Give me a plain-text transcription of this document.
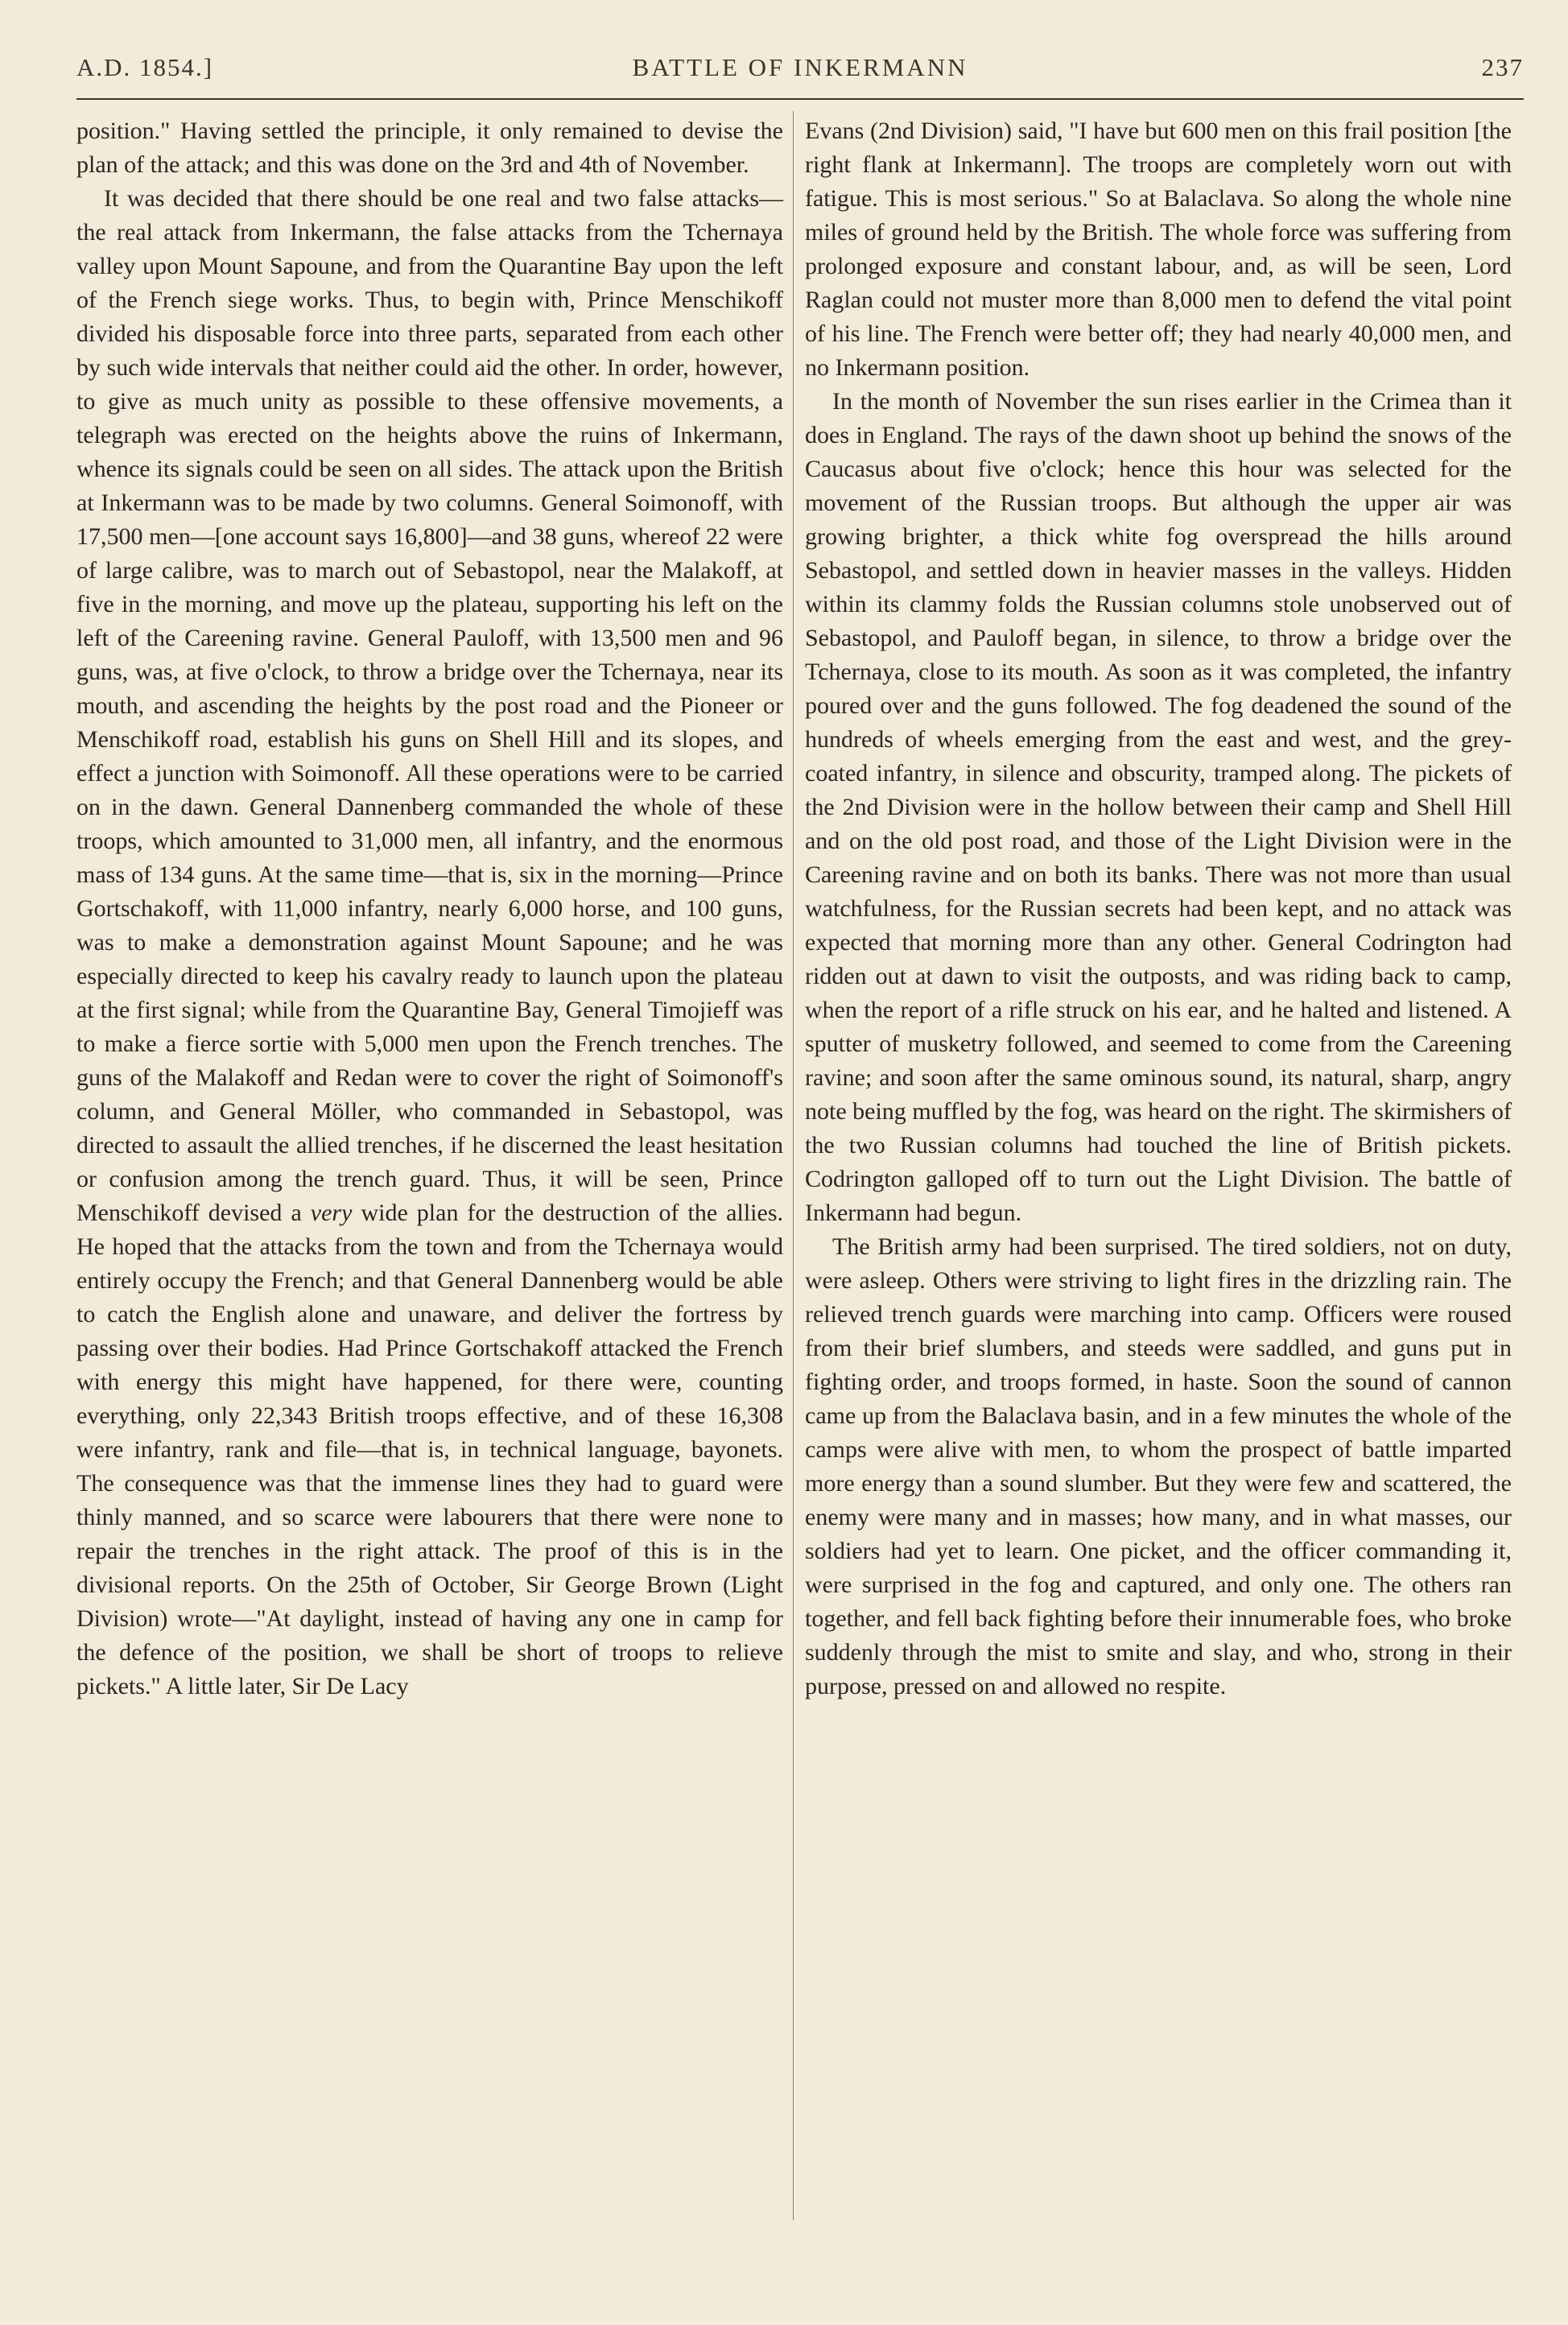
A.D. 1854.]	BATTLE OF INKERMANN	237

position." Having settled the principle, it only remained to devise the plan of the attack; and this was done on the 3rd and 4th of November.

It was decided that there should be one real and two false attacks—the real attack from Inkermann, the false attacks from the Tchernaya valley upon Mount Sapoune, and from the Quarantine Bay upon the left of the French siege works. Thus, to begin with, Prince Menschikoff divided his disposable force into three parts, separated from each other by such wide intervals that neither could aid the other. In order, however, to give as much unity as possible to these offensive movements, a telegraph was erected on the heights above the ruins of Inkermann, whence its signals could be seen on all sides. The attack upon the British at Inkermann was to be made by two columns. General Soimonoff, with 17,500 men—[one account says 16,800]—and 38 guns, whereof 22 were of large calibre, was to march out of Sebastopol, near the Malakoff, at five in the morning, and move up the plateau, supporting his left on the left of the Careening ravine. General Pauloff, with 13,500 men and 96 guns, was, at five o'clock, to throw a bridge over the Tchernaya, near its mouth, and ascending the heights by the post road and the Pioneer or Menschikoff road, establish his guns on Shell Hill and its slopes, and effect a junction with Soimonoff. All these operations were to be carried on in the dawn. General Dannenberg commanded the whole of these troops, which amounted to 31,000 men, all infantry, and the enormous mass of 134 guns. At the same time—that is, six in the morning—Prince Gortschakoff, with 11,000 infantry, nearly 6,000 horse, and 100 guns, was to make a demonstration against Mount Sapoune; and he was especially directed to keep his cavalry ready to launch upon the plateau at the first signal; while from the Quarantine Bay, General Timojieff was to make a fierce sortie with 5,000 men upon the French trenches. The guns of the Malakoff and Redan were to cover the right of Soimonoff's column, and General Möller, who commanded in Sebastopol, was directed to assault the allied trenches, if he discerned the least hesitation or confusion among the trench guard. Thus, it will be seen, Prince Menschikoff devised a very wide plan for the destruction of the allies. He hoped that the attacks from the town and from the Tchernaya would entirely occupy the French; and that General Dannenberg would be able to catch the English alone and unaware, and deliver the fortress by passing over their bodies. Had Prince Gortschakoff attacked the French with energy this might have happened, for there were, counting everything, only 22,343 British troops effective, and of these 16,308 were infantry, rank and file—that is, in technical language, bayonets. The consequence was that the immense lines they had to guard were thinly manned, and so scarce were labourers that there were none to repair the trenches in the right attack. The proof of this is in the divisional reports. On the 25th of October, Sir George Brown (Light Division) wrote—"At daylight, instead of having any one in camp for the defence of the position, we shall be short of troops to relieve pickets." A little later, Sir De Lacy

Evans (2nd Division) said, "I have but 600 men on this frail position [the right flank at Inkermann]. The troops are completely worn out with fatigue. This is most serious." So at Balaclava. So along the whole nine miles of ground held by the British. The whole force was suffering from prolonged exposure and constant labour, and, as will be seen, Lord Raglan could not muster more than 8,000 men to defend the vital point of his line. The French were better off; they had nearly 40,000 men, and no Inkermann position.

In the month of November the sun rises earlier in the Crimea than it does in England. The rays of the dawn shoot up behind the snows of the Caucasus about five o'clock; hence this hour was selected for the movement of the Russian troops. But although the upper air was growing brighter, a thick white fog overspread the hills around Sebastopol, and settled down in heavier masses in the valleys. Hidden within its clammy folds the Russian columns stole unobserved out of Sebastopol, and Pauloff began, in silence, to throw a bridge over the Tchernaya, close to its mouth. As soon as it was completed, the infantry poured over and the guns followed. The fog deadened the sound of the hundreds of wheels emerging from the east and west, and the grey-coated infantry, in silence and obscurity, tramped along. The pickets of the 2nd Division were in the hollow between their camp and Shell Hill and on the old post road, and those of the Light Division were in the Careening ravine and on both its banks. There was not more than usual watchfulness, for the Russian secrets had been kept, and no attack was expected that morning more than any other. General Codrington had ridden out at dawn to visit the outposts, and was riding back to camp, when the report of a rifle struck on his ear, and he halted and listened. A sputter of musketry followed, and seemed to come from the Careening ravine; and soon after the same ominous sound, its natural, sharp, angry note being muffled by the fog, was heard on the right. The skirmishers of the two Russian columns had touched the line of British pickets. Codrington galloped off to turn out the Light Division. The battle of Inkermann had begun.

The British army had been surprised. The tired soldiers, not on duty, were asleep. Others were striving to light fires in the drizzling rain. The relieved trench guards were marching into camp. Officers were roused from their brief slumbers, and steeds were saddled, and guns put in fighting order, and troops formed, in haste. Soon the sound of cannon came up from the Balaclava basin, and in a few minutes the whole of the camps were alive with men, to whom the prospect of battle imparted more energy than a sound slumber. But they were few and scattered, the enemy were many and in masses; how many, and in what masses, our soldiers had yet to learn. One picket, and the officer commanding it, were surprised in the fog and captured, and only one. The others ran together, and fell back fighting before their innumerable foes, who broke suddenly through the mist to smite and slay, and who, strong in their purpose, pressed on and allowed no respite.
